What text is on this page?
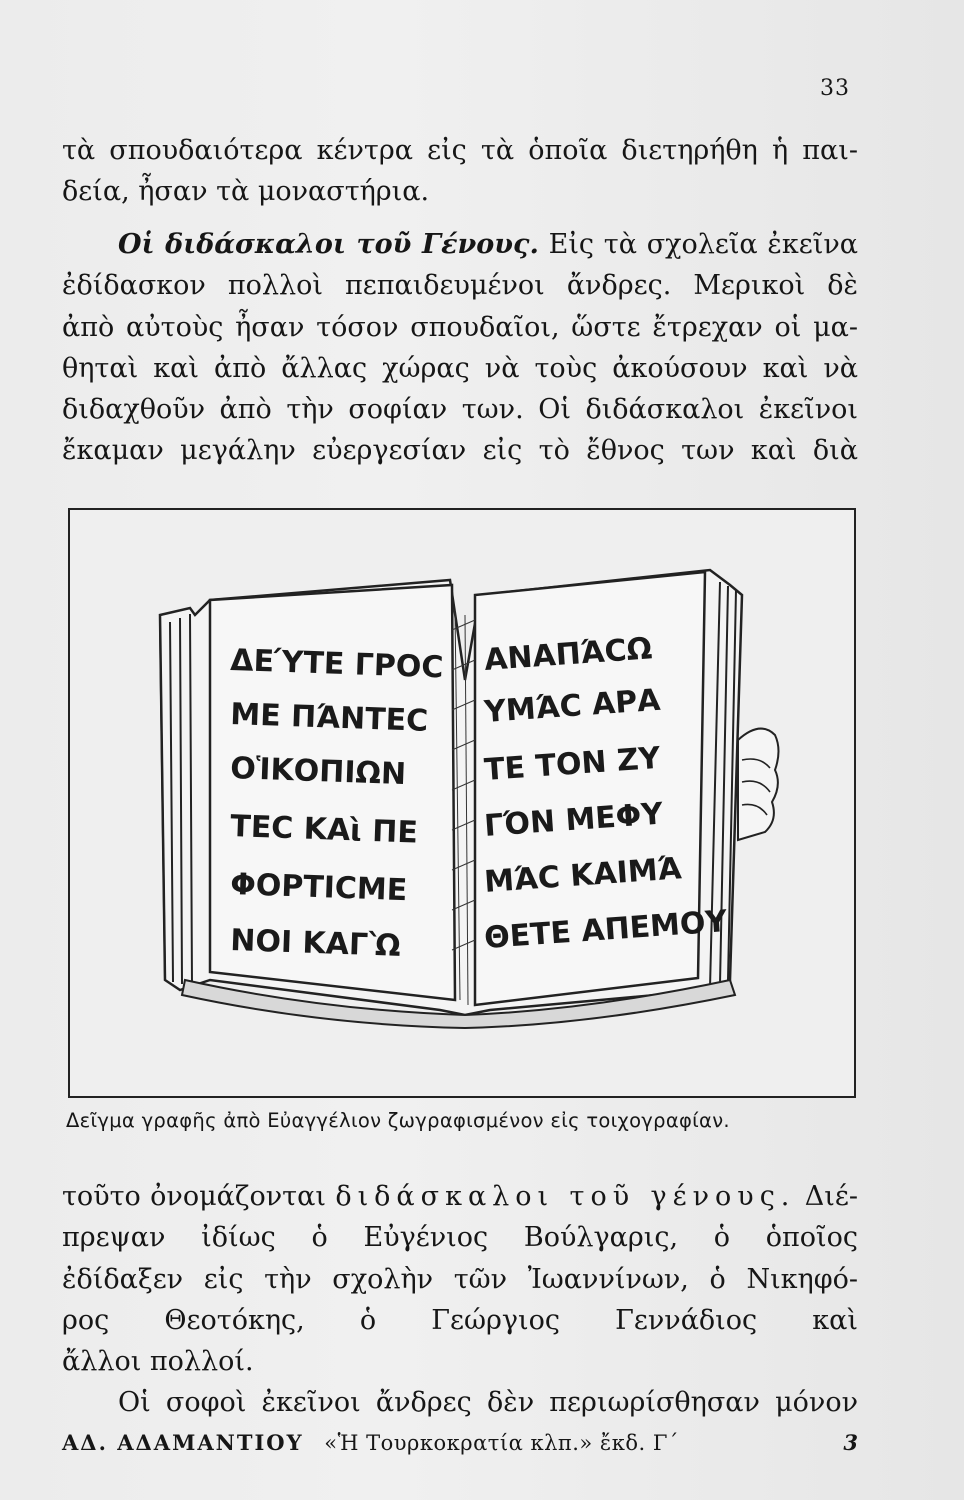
33
τὰ σπουδαιότερα κέντρα εἰς τὰ ὁποῖα διετηρήθη ἡ παι-
δεία, ἦσαν τὰ μοναστήρια.
Οἱ διδάσκαλοι τοῦ Γένους. Εἰς τὰ σχολεῖα ἐκεῖνα
ἐδίδασκον πολλοὶ πεπαιδευμένοι ἄνδρες. Μερικοὶ δὲ
ἀπὸ αὐτοὺς ἦσαν τόσον σπουδαῖοι, ὥστε ἔτρεχαν οἱ μα-
θηταὶ καὶ ἀπὸ ἄλλας χώρας νὰ τοὺς ἀκούσουν καὶ νὰ
διδαχθοῦν ἀπὸ τὴν σοφίαν των. Οἱ διδάσκαλοι ἐκεῖνοι
ἔκαμαν μεγάλην εὐεργεσίαν εἰς τὸ ἔθνος των καὶ διὰ
ΔΕΎΤΕ ΓΡΟC
ΜΕ ΠΆΝΤΕC
ΟἹΚΟΠΙΩΝ
ΤΕC ΚΑὶ ΠΕ
ΦΟΡΤΙCΜΕ
ΝΟΙ ΚΑΓῺ
ΑΝΑΠΆCΩ
ΥΜΆC ΑΡΑ
ΤΕ ΤΟΝ ΖΥ
ΓΌΝ ΜΕΦΥ
ΜΆC ΚΑΙΜΆ
ΘΕΤΕ ΑΠΕΜΟΥ
Δεῖγμα γραφῆς ἀπὸ Εὐαγγέλιον ζωγραφισμένον εἰς τοιχογραφίαν.
τοῦτο ὀνομάζονται διδάσκαλοι τοῦ γένους. Διέ-
πρεψαν ἰδίως ὁ Εὐγένιος Βούλγαρις, ὁ ὁποῖος
ἐδίδαξεν εἰς τὴν σχολὴν τῶν Ἰωαννίνων, ὁ Νικηφό-
ρος Θεοτόκης, ὁ Γεώργιος Γεννάδιος καὶ
ἄλλοι πολλοί.
Οἱ σοφοὶ ἐκεῖνοι ἄνδρες δὲν περιωρίσθησαν μόνον
ΑΔ. ΑΔΑΜΑΝΤΙΟΥ «Ἡ Τουρκοκρατία κλπ.» ἔκδ. Γ΄	3
